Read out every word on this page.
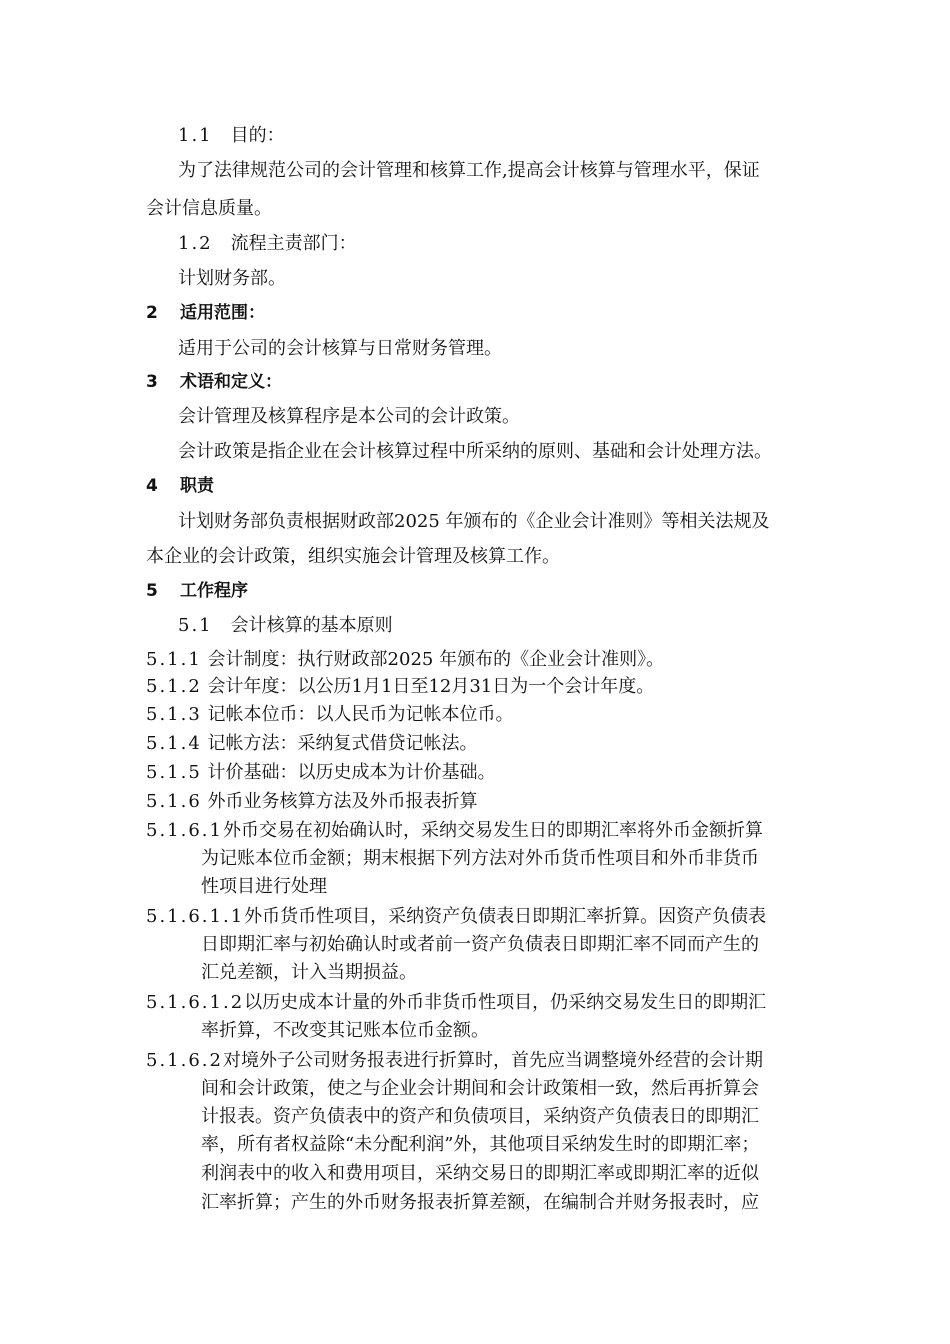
1.1　 目的：
为了法律规范公司的会计管理和核算工作,提高会计核算与管理水平，保证
会计信息质量。
1.2　 流程主责部门：
计划财务部。
2 适用范围：
适用于公司的会计核算与日常财务管理。
3 术语和定义：
会计管理及核算程序是本公司的会计政策。
会计政策是指企业在会计核算过程中所采纳的原则、基础和会计处理方法。
4 职责
计划财务部负责根据财政部2025 年颁布的《企业会计准则》等相关法规及
本企业的会计政策，组织实施会计管理及核算工作。
5 工作程序
5.1　 会计核算的基本原则
5.1.1 会计制度：执行财政部2025 年颁布的《企业会计准则》。
5.1.2 会计年度：以公历1月1日至12月31日为一个会计年度。
5.1.3 记帐本位币：以人民币为记帐本位币。
5.1.4 记帐方法：采纳复式借贷记帐法。
5.1.5 计价基础：以历史成本为计价基础。
5.1.6 外币业务核算方法及外币报表折算
5.1.6.1外币交易在初始确认时，采纳交易发生日的即期汇率将外币金额折算
为记账本位币金额；期末根据下列方法对外币货币性项目和外币非货币
性项目进行处理
5.1.6.1.1外币货币性项目，采纳资产负债表日即期汇率折算。因资产负债表
日即期汇率与初始确认时或者前一资产负债表日即期汇率不同而产生的
汇兑差额，计入当期损益。
5.1.6.1.2以历史成本计量的外币非货币性项目，仍采纳交易发生日的即期汇
率折算，不改变其记账本位币金额。
5.1.6.2对境外子公司财务报表进行折算时，首先应当调整境外经营的会计期
间和会计政策，使之与企业会计期间和会计政策相一致，然后再折算会
计报表。资产负债表中的资产和负债项目，采纳资产负债表日的即期汇
率，所有者权益除“未分配利润”外，其他项目采纳发生时的即期汇率；
利润表中的收入和费用项目，采纳交易日的即期汇率或即期汇率的近似
汇率折算；产生的外币财务报表折算差额，在编制合并财务报表时，应
